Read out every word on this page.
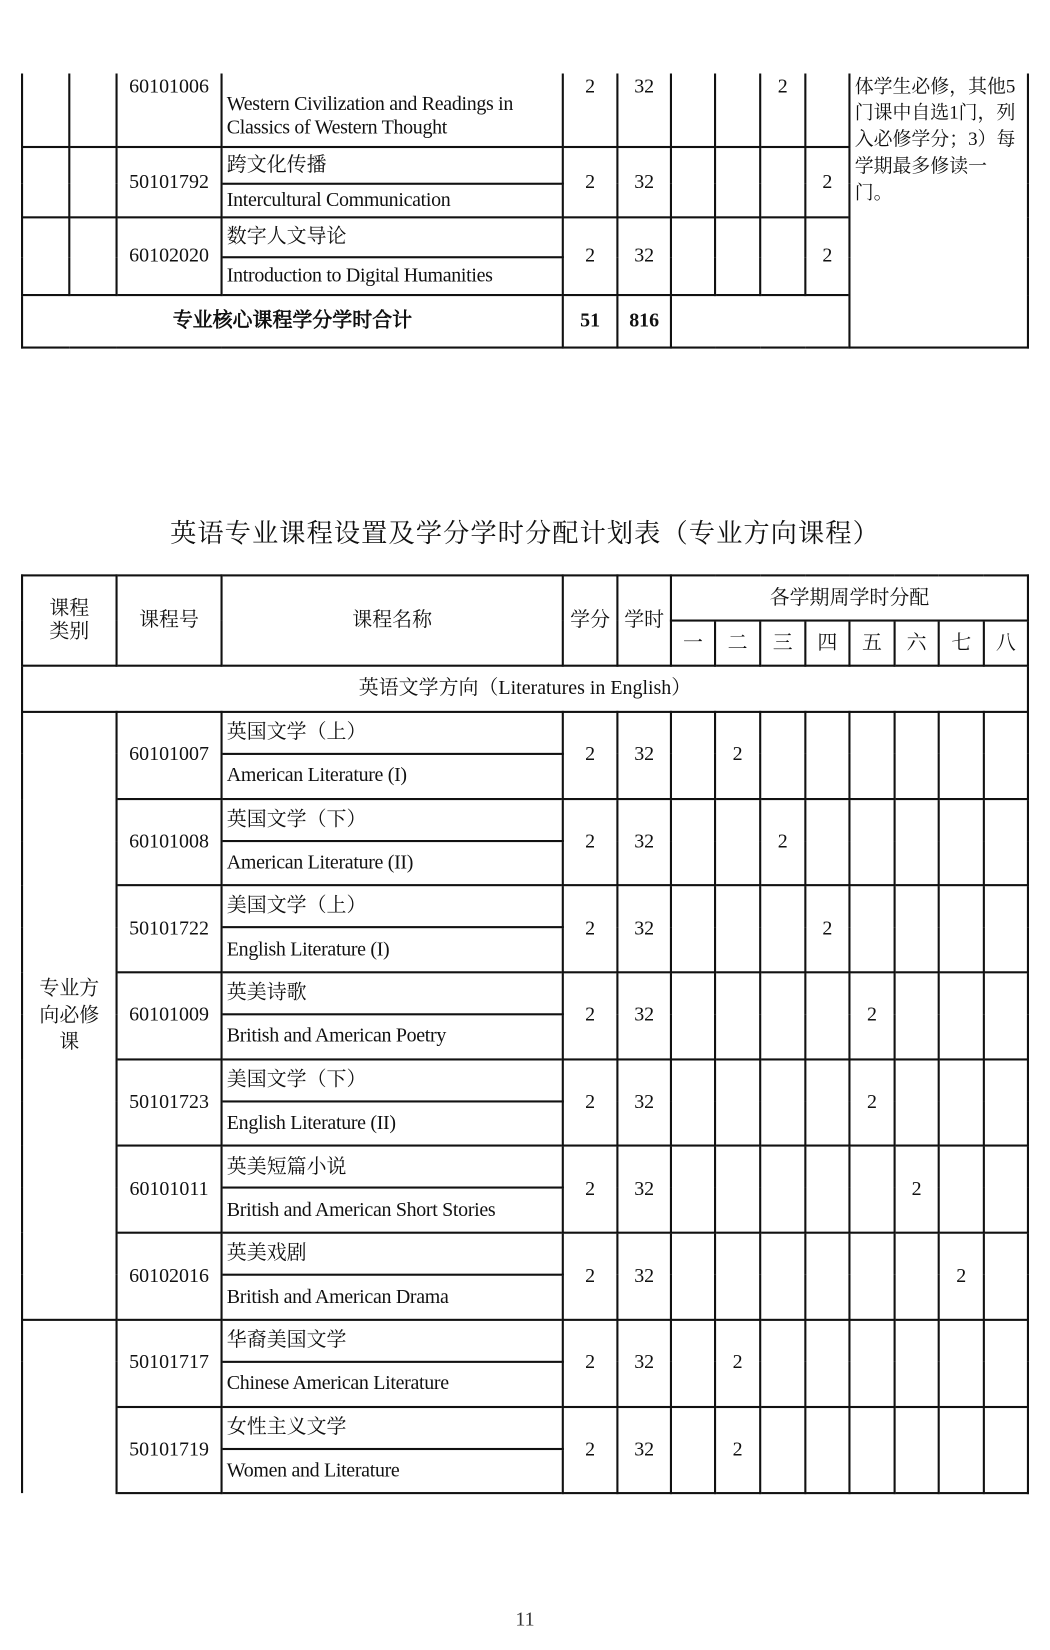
		60101006	Western Civilization and Readings in Classics of Western Thought	2	32			2		体学生必修，其他5门课中自选1门，列入必修学分；3）每学期最多修读一门。
		50101792	跨文化传播	2	32				2	
			Intercultural Communication							
		60102020	数字人文导论	2	32				2	
			Introduction to Digital Humanities							
专业核心课程学分学时合计				51	816					
英语专业课程设置及学分学时分配计划表（专业方向课程）
课程类别	课程号	课程名称	学分	学时	各学期周学时分配							
					一	二	三	四	五	六	七	八
英语文学方向（Literatures in English）												

专业方向必修课	60101007	英国文学（上）	2	32		2						
		American Literature (I)										
	60101008	英国文学（下）	2	32			2					
		American Literature (II)										
	50101722	美国文学（上）	2	32				2				
		English Literature (I)										
	60101009	英美诗歌	2	32					2			
		British and American Poetry										
	50101723	美国文学（下）	2	32					2			
		English Literature (II)										
	60101011	英美短篇小说	2	32						2		
		British and American Short Stories										
	60102016	英美戏剧	2	32							2	
		British and American Drama										

	50101717	华裔美国文学	2	32		2						
		Chinese American Literature										
	50101719	女性主义文学	2	32		2						
		Women and Literature										
11
